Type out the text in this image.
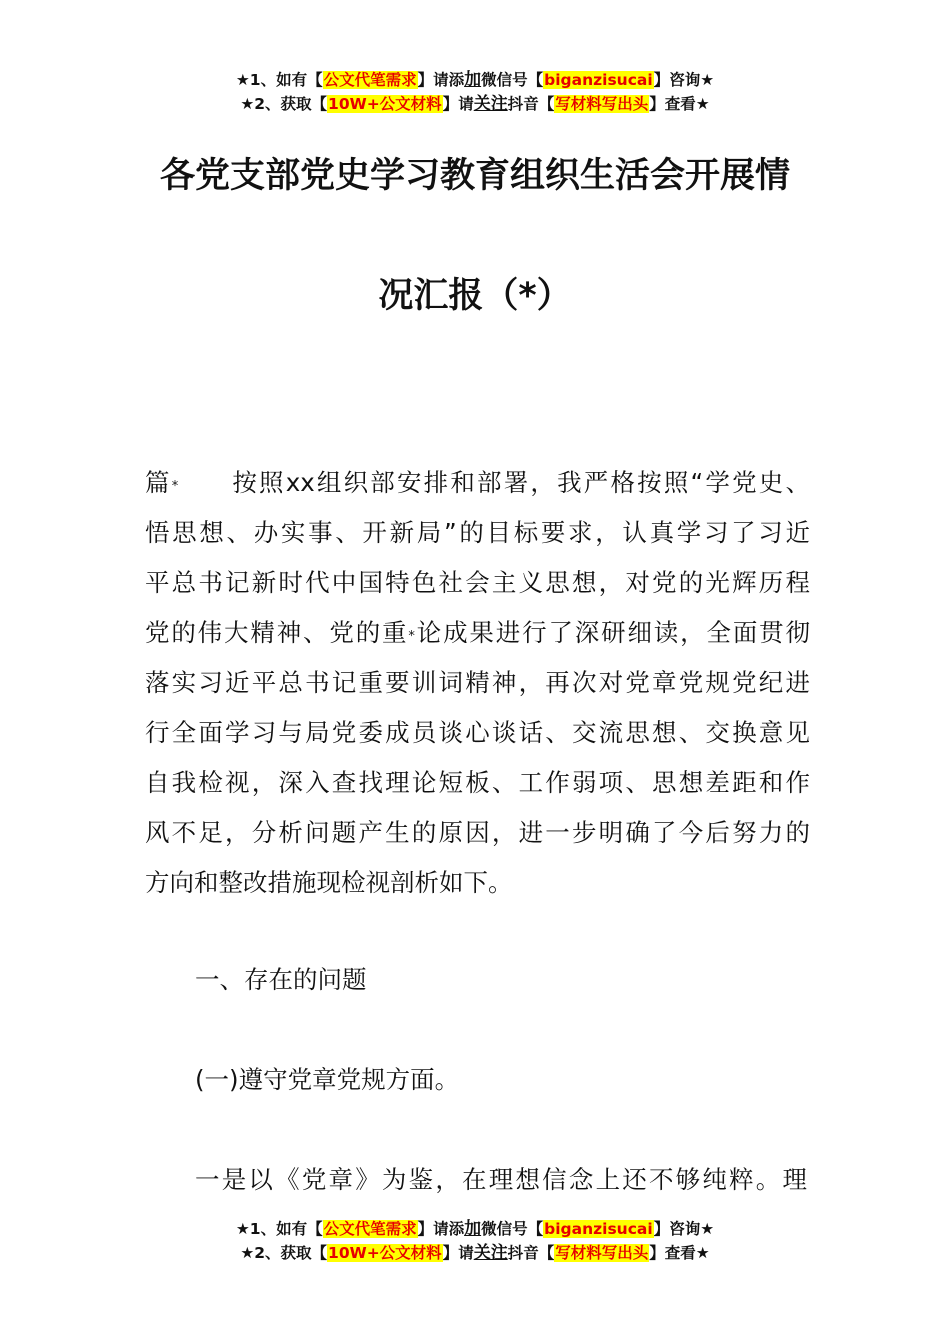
★1、如有【公文代笔需求】请添加微信号【biganzisucai】咨询★
★2、获取【10W+公文材料】请关注抖音【写材料写出头】查看★
各党支部党史学习教育组织生活会开展情
况汇报（*）
篇* 按照xx组织部安排和部署，我严格按照“学党史、
悟思想、办实事、开新局”的目标要求，认真学习了习近
平总书记新时代中国特色社会主义思想，对党的光辉历程
党的伟大精神、党的重*论成果进行了深研细读，全面贯彻
落实习近平总书记重要训词精神，再次对党章党规党纪进
行全面学习与局党委成员谈心谈话、交流思想、交换意见
自我检视，深入查找理论短板、工作弱项、思想差距和作
风不足，分析问题产生的原因，进一步明确了今后努力的
方向和整改措施现检视剖析如下。
一、存在的问题
(一)遵守党章党规方面。
一是以《党章》为鉴，在理想信念上还不够纯粹。理
★1、如有【公文代笔需求】请添加微信号【biganzisucai】咨询★
★2、获取【10W+公文材料】请关注抖音【写材料写出头】查看★
